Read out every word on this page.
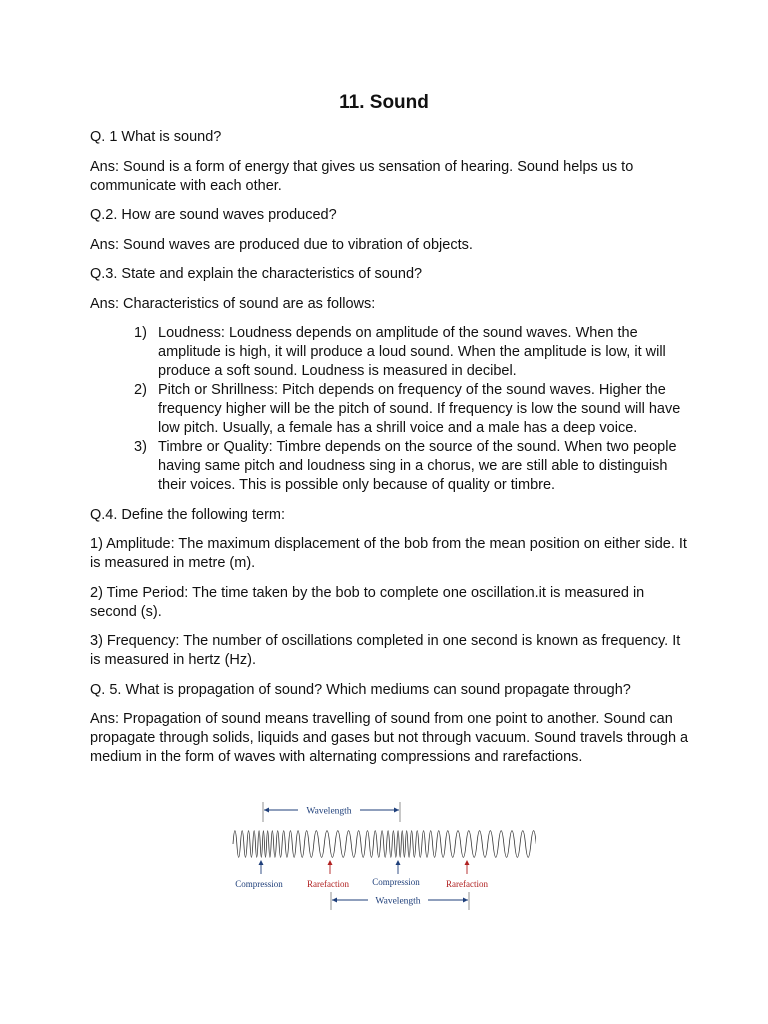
11. Sound

Q. 1 What is sound?

Ans: Sound is a form of energy that gives us sensation of hearing. Sound helps us to communicate with each other.

Q.2. How are sound waves produced?

Ans: Sound waves are produced due to vibration of objects.

Q.3. State and explain the characteristics of sound?

Ans: Characteristics of sound are as follows:

1) Loudness: Loudness depends on amplitude of the sound waves. When the amplitude is high, it will produce a loud sound. When the amplitude is low, it will produce a soft sound. Loudness is measured in decibel.
2) Pitch or Shrillness: Pitch depends on frequency of the sound waves. Higher the frequency higher will be the pitch of sound. If frequency is low the sound will have low pitch. Usually, a female has a shrill voice and a male has a deep voice.
3) Timbre or Quality: Timbre depends on the source of the sound. When two people having same pitch and loudness sing in a chorus, we are still able to distinguish their voices. This is possible only because of quality or timbre.

Q.4. Define the following term:

1) Amplitude: The maximum displacement of the bob from the mean position on either side. It is measured in metre (m).

2) Time Period: The time taken by the bob to complete one oscillation.it is measured in second (s).

3) Frequency: The number of oscillations completed in one second is known as frequency. It is measured in hertz (Hz).

Q. 5. What is propagation of sound? Which mediums can sound propagate through?

Ans: Propagation of sound means travelling of sound from one point to another. Sound can propagate through solids, liquids and gases but not through vacuum. Sound travels through a medium in the form of waves with alternating compressions and rarefactions.

Wavelength
Compression	Rarefaction	Compression	Rarefaction
Wavelength
